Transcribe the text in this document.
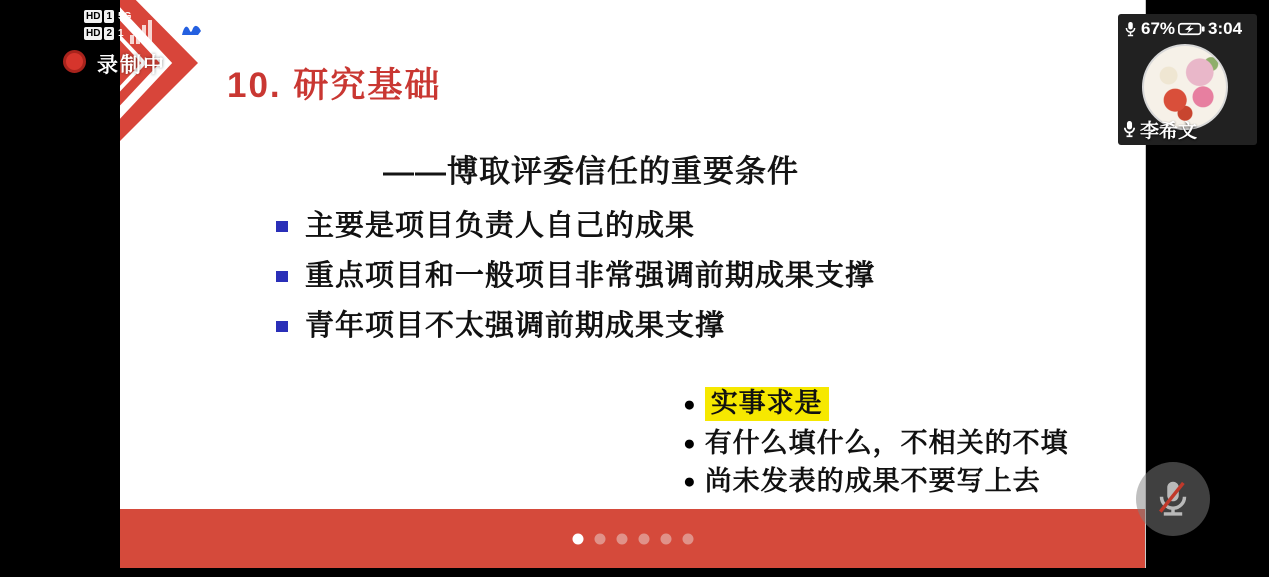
10. 研究基础
——博取评委信任的重要条件
主要是项目负责人自己的成果
重点项目和一般项目非常强调前期成果支撑
青年项目不太强调前期成果支撑
● 实事求是
● 有什么填什么，不相关的不填
● 尚未发表的成果不要写上去
HD 1 5G
HD 2 1
录制中
67% 3:04
李希文
